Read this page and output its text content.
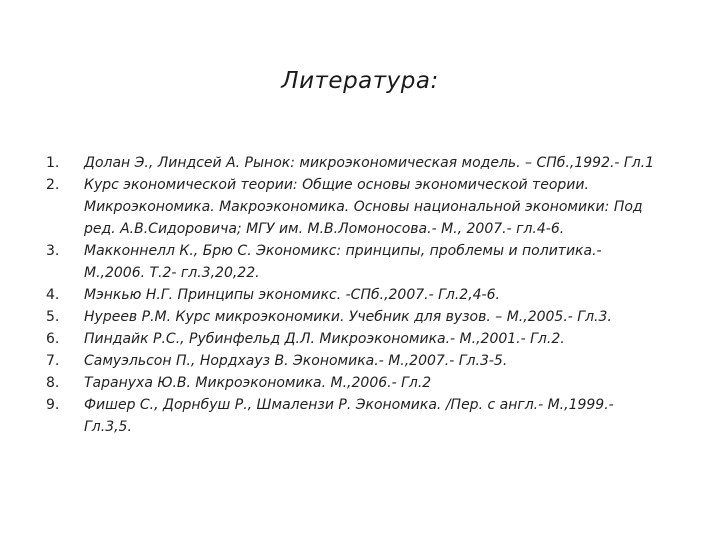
Литература:
1.	Долан Э., Линдсей А. Рынок: микроэкономическая модель. – СПб.,1992.- Гл.1
2.	Курс экономической теории: Общие основы экономической теории.
Микроэкономика. Макроэкономика. Основы национальной экономики: Под
ред. А.В.Сидоровича; МГУ им. М.В.Ломоносова.- М., 2007.- гл.4-6.
3.	Макконнелл К., Брю С. Экономикс: принципы, проблемы и политика.-
М.,2006. Т.2- гл.3,20,22.
4.	Мэнкью Н.Г. Принципы экономикс. -СПб.,2007.- Гл.2,4-6.
5.	Нуреев Р.М. Курс микроэкономики. Учебник для вузов. – М.,2005.- Гл.3.
6.	Пиндайк Р.С., Рубинфельд Д.Л. Микроэкономика.- М.,2001.- Гл.2.
7.	Самуэльсон П., Нордхауз В. Экономика.- М.,2007.- Гл.3-5.
8.	Тарануха Ю.В. Микроэкономика. М.,2006.- Гл.2
9.	Фишер С., Дорнбуш Р., Шмалензи Р. Экономика. /Пер. с англ.- М.,1999.-
Гл.3,5.
